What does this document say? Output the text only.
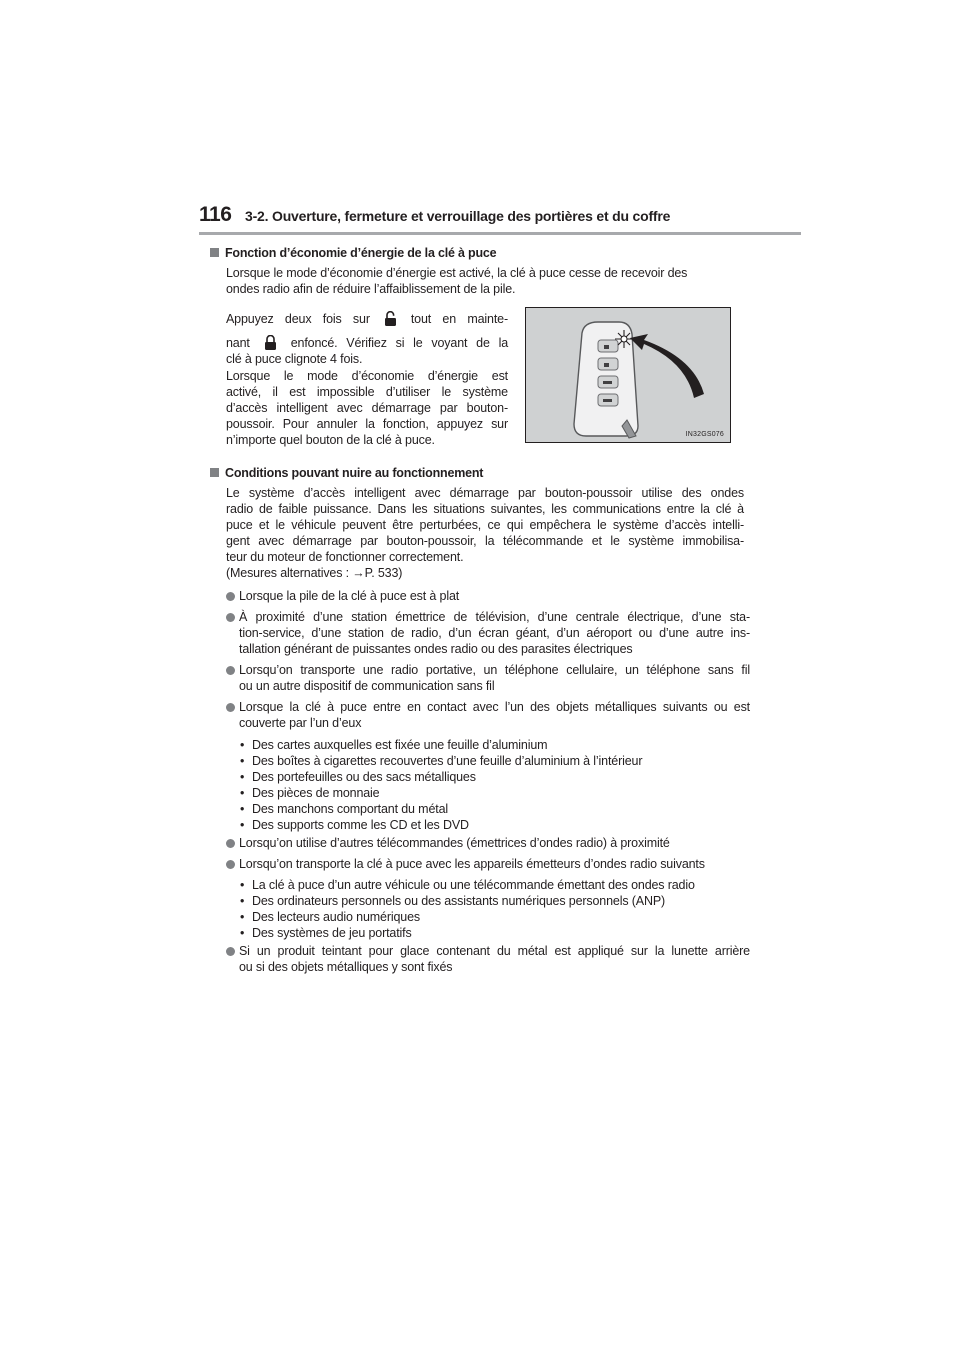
116 3-2. Ouverture, fermeture et verrouillage des portières et du coffre
Fonction d’économie d’énergie de la clé à puce
Lorsque le mode d’économie d’énergie est activé, la clé à puce cesse de recevoir des
ondes radio afin de réduire l’affaiblissement de la pile.
Appuyez deux fois sur	tout en mainte-
nant	enfoncé. Vérifiez si le voyant de la
clé à puce clignote 4 fois.
Lorsque le mode d’économie d’énergie est
activé, il est impossible d’utiliser le système
d’accès intelligent avec démarrage par bouton-
poussoir. Pour annuler la fonction, appuyez sur
n’importe quel bouton de la clé à puce.	IN32GS076
Conditions pouvant nuire au fonctionnement
Le système d’accès intelligent avec démarrage par bouton-poussoir utilise des ondes
radio de faible puissance. Dans les situations suivantes, les communications entre la clé à
puce et le véhicule peuvent être perturbées, ce qui empêchera le système d’accès intelli-
gent avec démarrage par bouton-poussoir, la télécommande et le système immobilisa-
teur du moteur de fonctionner correctement.
(Mesures alternatives : →P. 533)
Lorsque la pile de la clé à puce est à plat
À proximité d’une station émettrice de télévision, d’une centrale électrique, d’une sta-
tion-service, d’une station de radio, d’un écran géant, d’un aéroport ou d’une autre ins-
tallation générant de puissantes ondes radio ou des parasites électriques
Lorsqu’on transporte une radio portative, un téléphone cellulaire, un téléphone sans fil
ou un autre dispositif de communication sans fil
Lorsque la clé à puce entre en contact avec l’un des objets métalliques suivants ou est
couverte par l’un d’eux
• Des cartes auxquelles est fixée une feuille d’aluminium
• Des boîtes à cigarettes recouvertes d’une feuille d’aluminium à l’intérieur
• Des portefeuilles ou des sacs métalliques
• Des pièces de monnaie
• Des manchons comportant du métal
• Des supports comme les CD et les DVD
Lorsqu’on utilise d’autres télécommandes (émettrices d’ondes radio) à proximité
Lorsqu’on transporte la clé à puce avec les appareils émetteurs d’ondes radio suivants
• La clé à puce d’un autre véhicule ou une télécommande émettant des ondes radio
• Des ordinateurs personnels ou des assistants numériques personnels (ANP)
• Des lecteurs audio numériques
• Des systèmes de jeu portatifs
Si un produit teintant pour glace contenant du métal est appliqué sur la lunette arrière
ou si des objets métalliques y sont fixés
